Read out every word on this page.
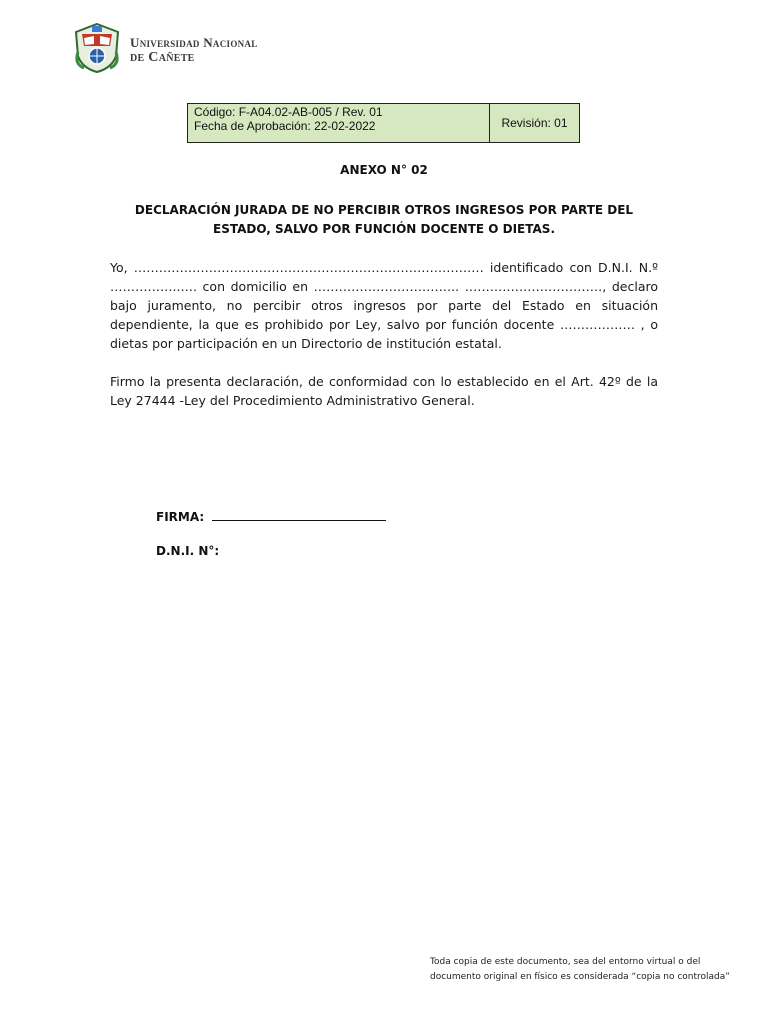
Universidad Nacional
de Cañete
Código: F-A04.02-AB-005 / Rev. 01
Fecha de Aprobación: 22-02-2022	Revisión: 01
ANEXO N° 02
DECLARACIÓN JURADA DE NO PERCIBIR OTROS INGRESOS POR PARTE DEL
ESTADO, SALVO POR FUNCIÓN DOCENTE O DIETAS.

Yo, ………………………………………………………………………… identificado con D.N.I. N.º ……………..…. con domicilio en …………………………….. ……………………………, declaro bajo juramento, no percibir otros ingresos por parte del Estado en situación dependiente, la que es prohibido por Ley, salvo por función docente ……………… , o dietas por participación en un Directorio de institución estatal.

Firmo la presenta declaración, de conformidad con lo establecido en el Art. 42º de la Ley 27444 -Ley del Procedimiento Administrativo General.

FIRMA:
D.N.I. N°:
Toda copia de este documento, sea del entorno virtual o del documento original en físico es considerada “copia no controlada”
